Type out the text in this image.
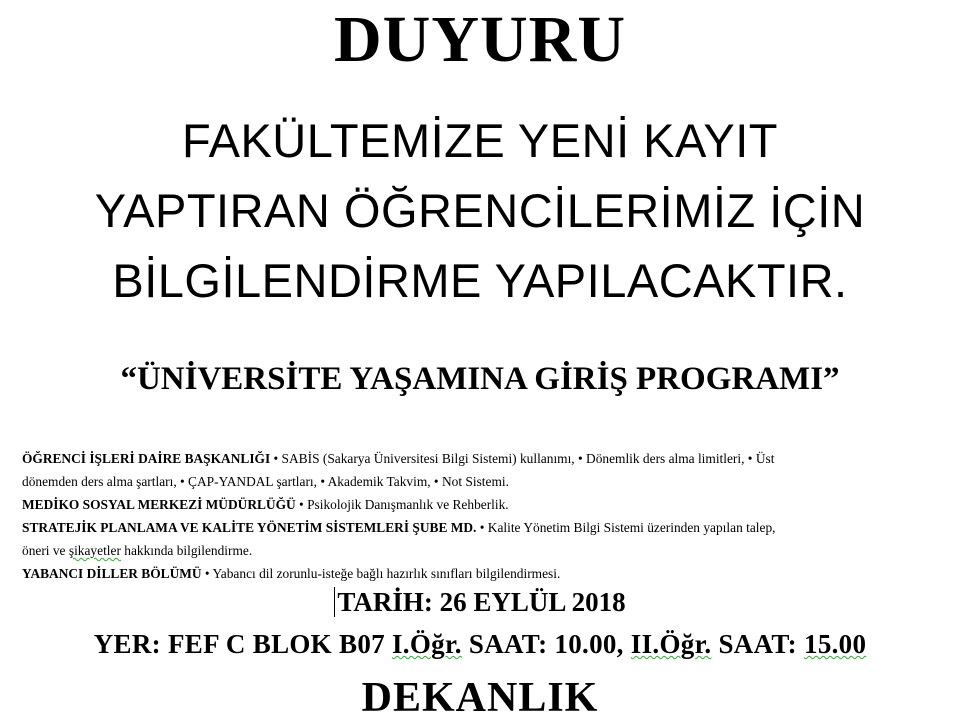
DUYURU
FAKÜLTEMİZE YENİ KAYIT
YAPTIRAN ÖĞRENCİLERİMİZ İÇİN
BİLGİLENDİRME YAPILACAKTIR.
“ÜNİVERSİTE YAŞAMINA GİRİŞ PROGRAMI”
ÖĞRENCİ İŞLERİ DAİRE BAŞKANLIĞI • SABİS (Sakarya Üniversitesi Bilgi Sistemi) kullanımı, • Dönemlik ders alma limitleri, • Üst
dönemden ders alma şartları, • ÇAP-YANDAL şartları, • Akademik Takvim, • Not Sistemi.
MEDİKO SOSYAL MERKEZİ MÜDÜRLÜĞÜ • Psikolojik Danışmanlık ve Rehberlik.
STRATEJİK PLANLAMA VE KALİTE YÖNETİM SİSTEMLERİ ŞUBE MD. • Kalite Yönetim Bilgi Sistemi üzerinden yapılan talep,
öneri ve şikayetler hakkında bilgilendirme.
YABANCI DİLLER BÖLÜMÜ • Yabancı dil zorunlu-isteğe bağlı hazırlık sınıfları bilgilendirmesi.
TARİH: 26 EYLÜL 2018
YER: FEF C BLOK B07 I.Öğr. SAAT: 10.00, II.Öğr. SAAT: 15.00
DEKANLIK
